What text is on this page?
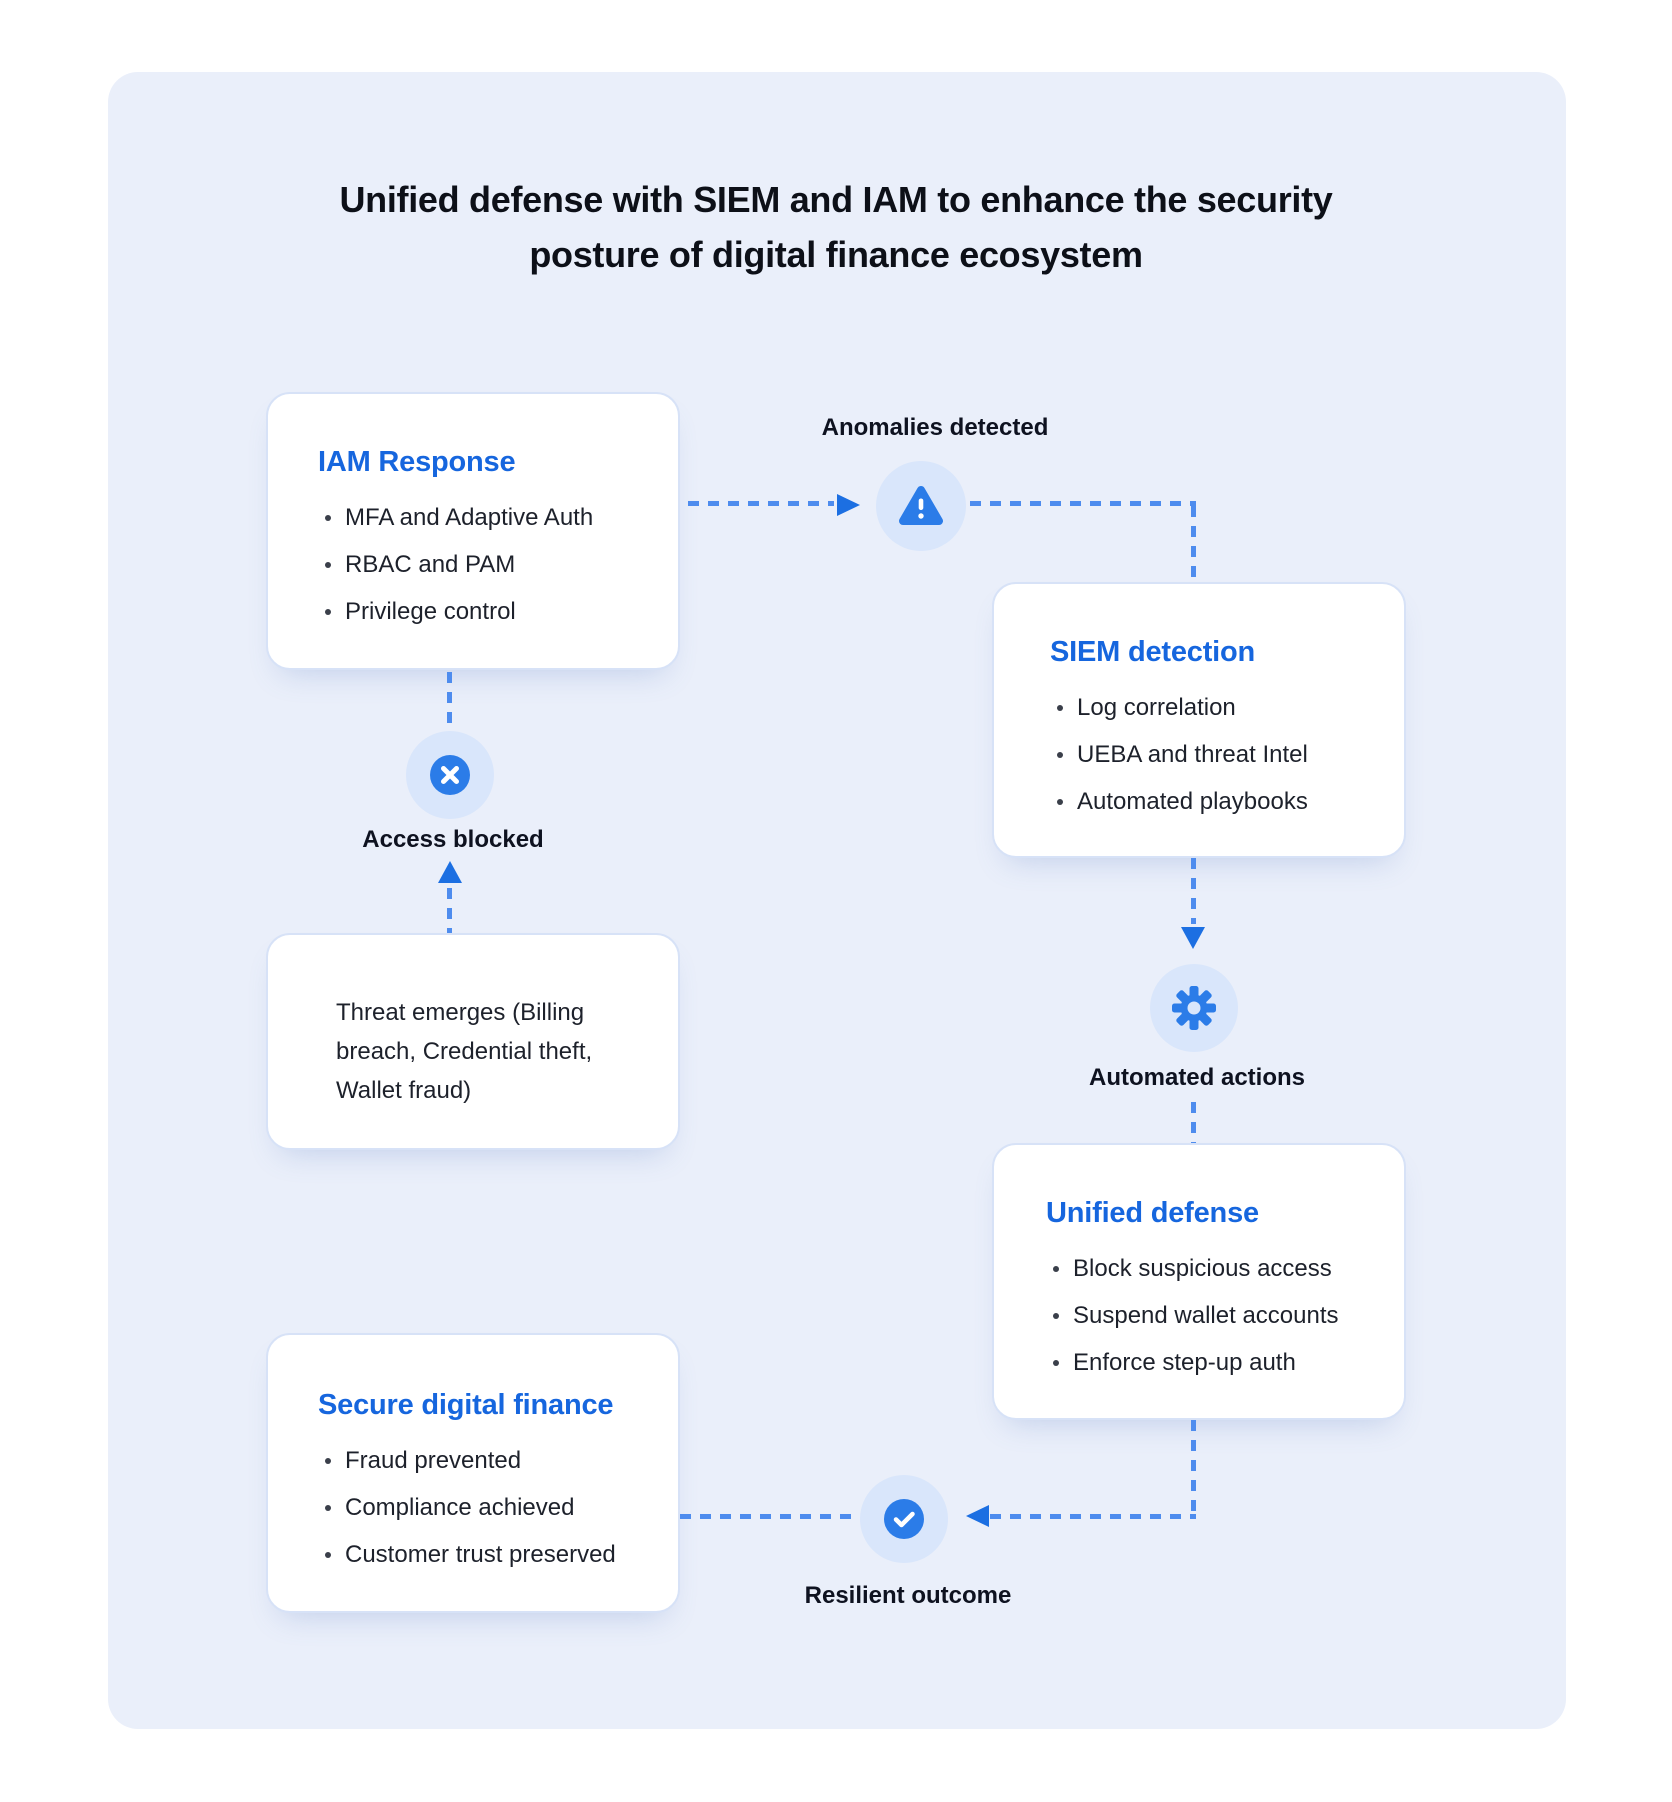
Unified defense with SIEM and IAM to enhance the security
posture of digital finance ecosystem
IAM Response
MFA and Adaptive Auth
RBAC and PAM
Privilege control
SIEM detection
Log correlation
UEBA and threat Intel
Automated playbooks

Threat emerges (Billing breach, Credential theft, Wallet fraud)

Unified defense
Block suspicious access
Suspend wallet accounts
Enforce step-up auth
Secure digital finance
Fraud prevented
Compliance achieved
Customer trust preserved
Anomalies detected
Automated actions
Resilient outcome
Access blocked
